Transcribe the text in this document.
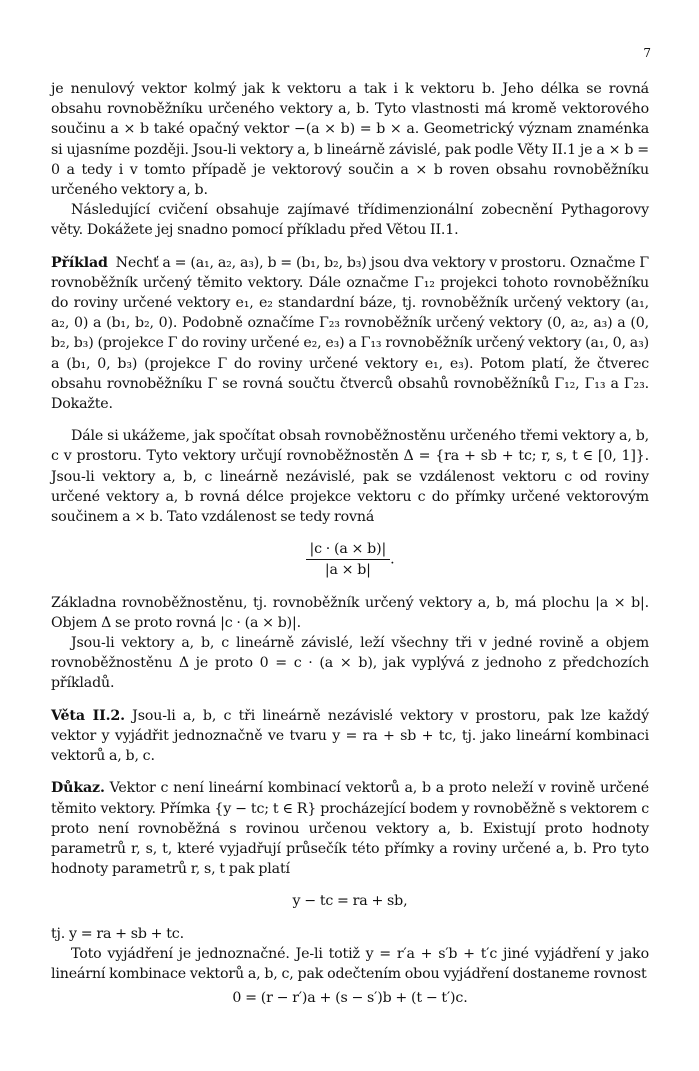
7

je nenulový vektor kolmý jak k vektoru a tak i k vektoru b. Jeho délka se rovná obsahu rovnoběžníku určeného vektory a, b. Tyto vlastnosti má kromě vektorového součinu a × b také opačný vektor −(a × b) = b × a. Geometrický význam znaménka si ujasníme později. Jsou-li vektory a, b lineárně závislé, pak podle Věty II.1 je a × b = 0 a tedy i v tomto případě je vektorový součin a × b roven obsahu rovnoběžníku určeného vektory a, b.

Následující cvičení obsahuje zajímavé třídimenzionální zobecnění Pythagorovy věty. Dokážete jej snadno pomocí příkladu před Větou II.1.

Příklad Nechť a = (a₁, a₂, a₃), b = (b₁, b₂, b₃) jsou dva vektory v prostoru. Označme Γ rovnoběžník určený těmito vektory. Dále označme Γ₁₂ projekci tohoto rovnoběžníku do roviny určené vektory e₁, e₂ standardní báze, tj. rovnoběžník určený vektory (a₁, a₂, 0) a (b₁, b₂, 0). Podobně označíme Γ₂₃ rovnoběžník určený vektory (0, a₂, a₃) a (0, b₂, b₃) (projekce Γ do roviny určené e₂, e₃) a Γ₁₃ rovnoběžník určený vektory (a₁, 0, a₃) a (b₁, 0, b₃) (projekce Γ do roviny určené vektory e₁, e₃). Potom platí, že čtverec obsahu rovnoběžníku Γ se rovná součtu čtverců obsahů rovnoběžníků Γ₁₂, Γ₁₃ a Γ₂₃. Dokažte.

Dále si ukážeme, jak spočítat obsah rovnoběžnostěnu určeného třemi vektory a, b, c v prostoru. Tyto vektory určují rovnoběžnostěn Δ = {ra + sb + tc; r, s, t ∈ [0, 1]}. Jsou-li vektory a, b, c lineárně nezávislé, pak se vzdálenost vektoru c od roviny určené vektory a, b rovná délce projekce vektoru c do přímky určené vektorovým součinem a × b. Tato vzdálenost se tedy rovná

$\frac{|c \cdot (a \times b)|}{|a \times b|}$ .

Základna rovnoběžnostěnu, tj. rovnoběžník určený vektory a, b, má plochu |a × b|. Objem Δ se proto rovná |c · (a × b)|.

Jsou-li vektory a, b, c lineárně závislé, leží všechny tři v jedné rovině a objem rovnoběžnostěnu Δ je proto 0 = c · (a × b), jak vyplývá z jednoho z předchozích příkladů.

Věta II.2. Jsou-li a, b, c tři lineárně nezávislé vektory v prostoru, pak lze každý vektor y vyjádřit jednoznačně ve tvaru y = ra + sb + tc, tj. jako lineární kombinaci vektorů a, b, c.

Důkaz. Vektor c není lineární kombinací vektorů a, b a proto neleží v rovině určené těmito vektory. Přímka {y − tc; t ∈ R} procházející bodem y rovnoběžně s vektorem c proto není rovnoběžná s rovinou určenou vektory a, b. Existují proto hodnoty parametrů r, s, t, které vyjadřují průsečík této přímky a roviny určené a, b. Pro tyto hodnoty parametrů r, s, t pak platí

y − tc = ra + sb,

tj. y = ra + sb + tc.

Toto vyjádření je jednoznačné. Je-li totiž y = r′a + s′b + t′c jiné vyjádření y jako lineární kombinace vektorů a, b, c, pak odečtením obou vyjádření dostaneme rovnost

0 = (r − r′)a + (s − s′)b + (t − t′)c.
